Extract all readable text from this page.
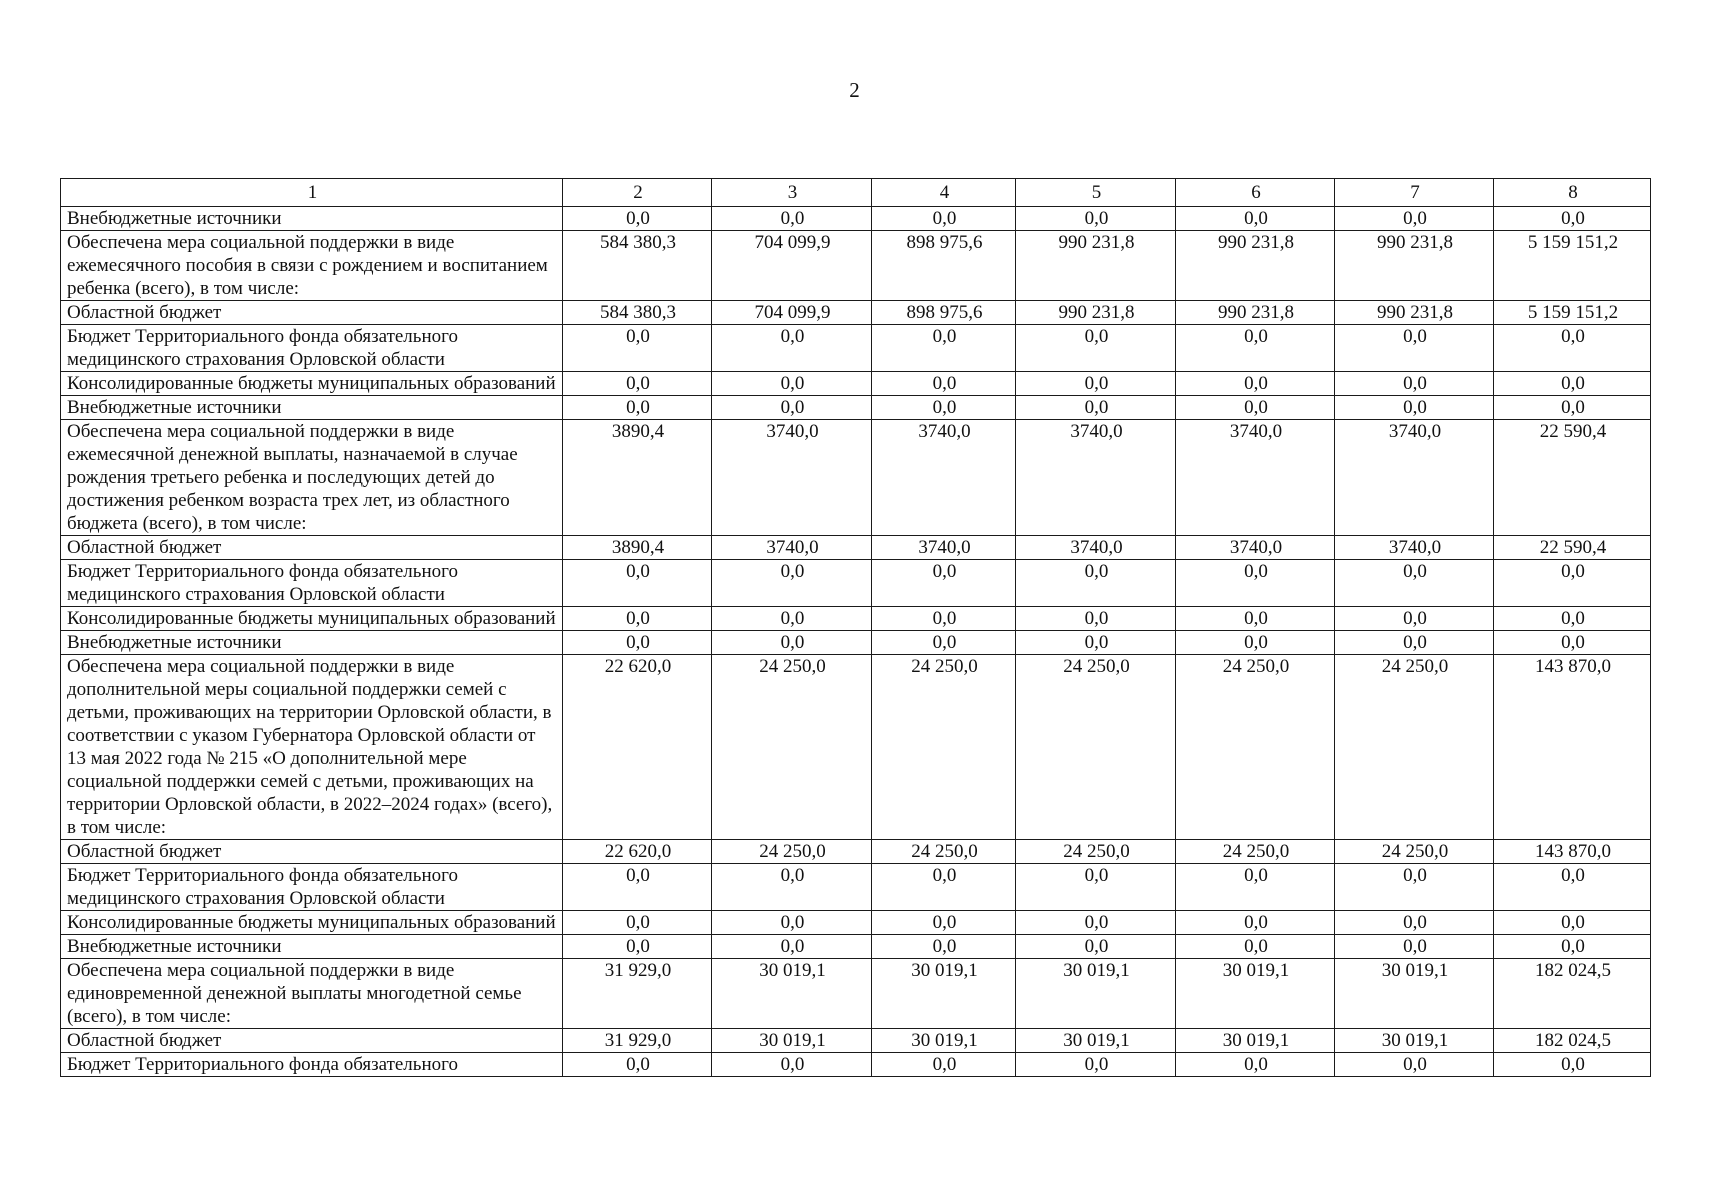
2
1	2	3	4	5	6	7	8
Внебюджетные источники	0,0	0,0	0,0	0,0	0,0	0,0	0,0
Обеспечена мера социальной поддержки в виде ежемесячного пособия в связи с рождением и воспитанием ребенка (всего), в том числе:	584 380,3	704 099,9	898 975,6	990 231,8	990 231,8	990 231,8	5 159 151,2
Областной бюджет	584 380,3	704 099,9	898 975,6	990 231,8	990 231,8	990 231,8	5 159 151,2
Бюджет Территориального фонда обязательного медицинского страхования Орловской области	0,0	0,0	0,0	0,0	0,0	0,0	0,0
Консолидированные бюджеты муниципальных образований	0,0	0,0	0,0	0,0	0,0	0,0	0,0
Внебюджетные источники	0,0	0,0	0,0	0,0	0,0	0,0	0,0
Обеспечена мера социальной поддержки в виде ежемесячной денежной выплаты, назначаемой в случае рождения третьего ребенка и последующих детей до достижения ребенком возраста трех лет, из областного бюджета (всего), в том числе:	3890,4	3740,0	3740,0	3740,0	3740,0	3740,0	22 590,4
Областной бюджет	3890,4	3740,0	3740,0	3740,0	3740,0	3740,0	22 590,4
Бюджет Территориального фонда обязательного медицинского страхования Орловской области	0,0	0,0	0,0	0,0	0,0	0,0	0,0
Консолидированные бюджеты муниципальных образований	0,0	0,0	0,0	0,0	0,0	0,0	0,0
Внебюджетные источники	0,0	0,0	0,0	0,0	0,0	0,0	0,0
Обеспечена мера социальной поддержки в виде дополнительной меры социальной поддержки семей с детьми, проживающих на территории Орловской области, в соответствии с указом Губернатора Орловской области от 13 мая 2022 года № 215 «О дополнительной мере социальной поддержки семей с детьми, проживающих на территории Орловской области, в 2022–2024 годах» (всего), в том числе:	22 620,0	24 250,0	24 250,0	24 250,0	24 250,0	24 250,0	143 870,0
Областной бюджет	22 620,0	24 250,0	24 250,0	24 250,0	24 250,0	24 250,0	143 870,0
Бюджет Территориального фонда обязательного медицинского страхования Орловской области	0,0	0,0	0,0	0,0	0,0	0,0	0,0
Консолидированные бюджеты муниципальных образований	0,0	0,0	0,0	0,0	0,0	0,0	0,0
Внебюджетные источники	0,0	0,0	0,0	0,0	0,0	0,0	0,0
Обеспечена мера социальной поддержки в виде единовременной денежной выплаты многодетной семье (всего), в том числе:	31 929,0	30 019,1	30 019,1	30 019,1	30 019,1	30 019,1	182 024,5
Областной бюджет	31 929,0	30 019,1	30 019,1	30 019,1	30 019,1	30 019,1	182 024,5
Бюджет Территориального фонда обязательного	0,0	0,0	0,0	0,0	0,0	0,0	0,0
